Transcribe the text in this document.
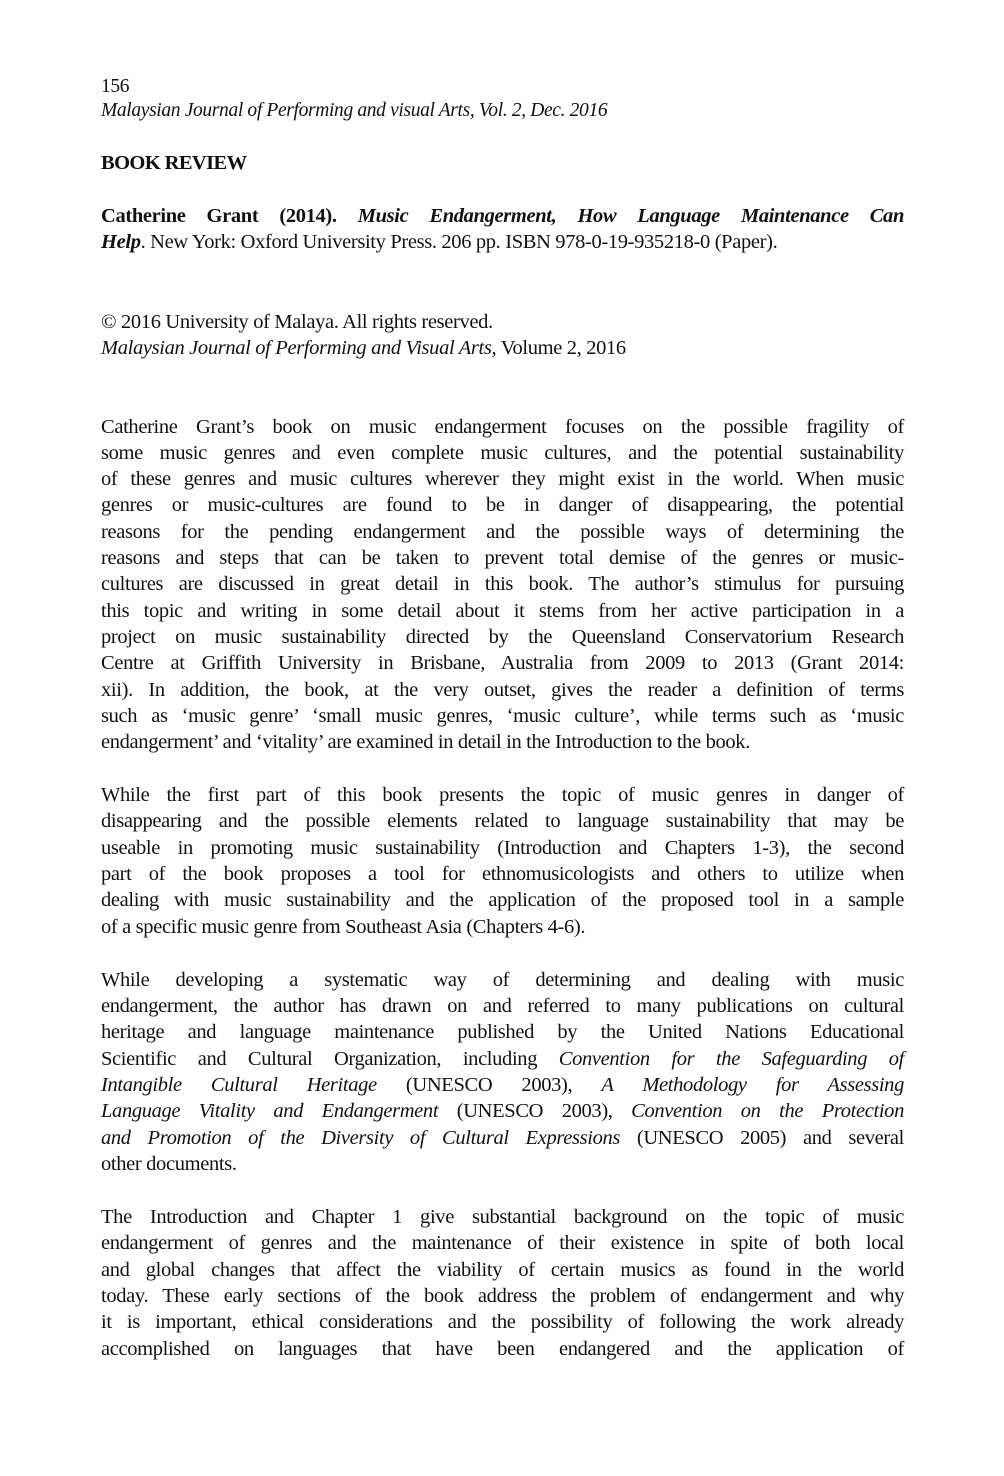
156
Malaysian Journal of Performing and visual Arts, Vol. 2, Dec. 2016
BOOK REVIEW
Catherine Grant (2014). Music Endangerment, How Language Maintenance Can
Help. New York: Oxford University Press. 206 pp. ISBN 978-0-19-935218-0 (Paper).
© 2016 University of Malaya. All rights reserved.
Malaysian Journal of Performing and Visual Arts, Volume 2, 2016
Catherine Grant’s book on music endangerment focuses on the possible fragility of
some music genres and even complete music cultures, and the potential sustainability
of these genres and music cultures wherever they might exist in the world. When music
genres or music-cultures are found to be in danger of disappearing, the potential
reasons for the pending endangerment and the possible ways of determining the
reasons and steps that can be taken to prevent total demise of the genres or music-
cultures are discussed in great detail in this book. The author’s stimulus for pursuing
this topic and writing in some detail about it stems from her active participation in a
project on music sustainability directed by the Queensland Conservatorium Research
Centre at Griffith University in Brisbane, Australia from 2009 to 2013 (Grant 2014:
xii). In addition, the book, at the very outset, gives the reader a definition of terms
such as ‘music genre’ ‘small music genres, ‘music culture’, while terms such as ‘music
endangerment’ and ‘vitality’ are examined in detail in the Introduction to the book.
While the first part of this book presents the topic of music genres in danger of
disappearing and the possible elements related to language sustainability that may be
useable in promoting music sustainability (Introduction and Chapters 1-3), the second
part of the book proposes a tool for ethnomusicologists and others to utilize when
dealing with music sustainability and the application of the proposed tool in a sample
of a specific music genre from Southeast Asia (Chapters 4-6).
While developing a systematic way of determining and dealing with music
endangerment, the author has drawn on and referred to many publications on cultural
heritage and language maintenance published by the United Nations Educational
Scientific and Cultural Organization, including Convention for the Safeguarding of
Intangible Cultural Heritage (UNESCO 2003), A Methodology for Assessing
Language Vitality and Endangerment (UNESCO 2003), Convention on the Protection
and Promotion of the Diversity of Cultural Expressions (UNESCO 2005) and several
other documents.
The Introduction and Chapter 1 give substantial background on the topic of music
endangerment of genres and the maintenance of their existence in spite of both local
and global changes that affect the viability of certain musics as found in the world
today. These early sections of the book address the problem of endangerment and why
it is important, ethical considerations and the possibility of following the work already
accomplished on languages that have been endangered and the application of
